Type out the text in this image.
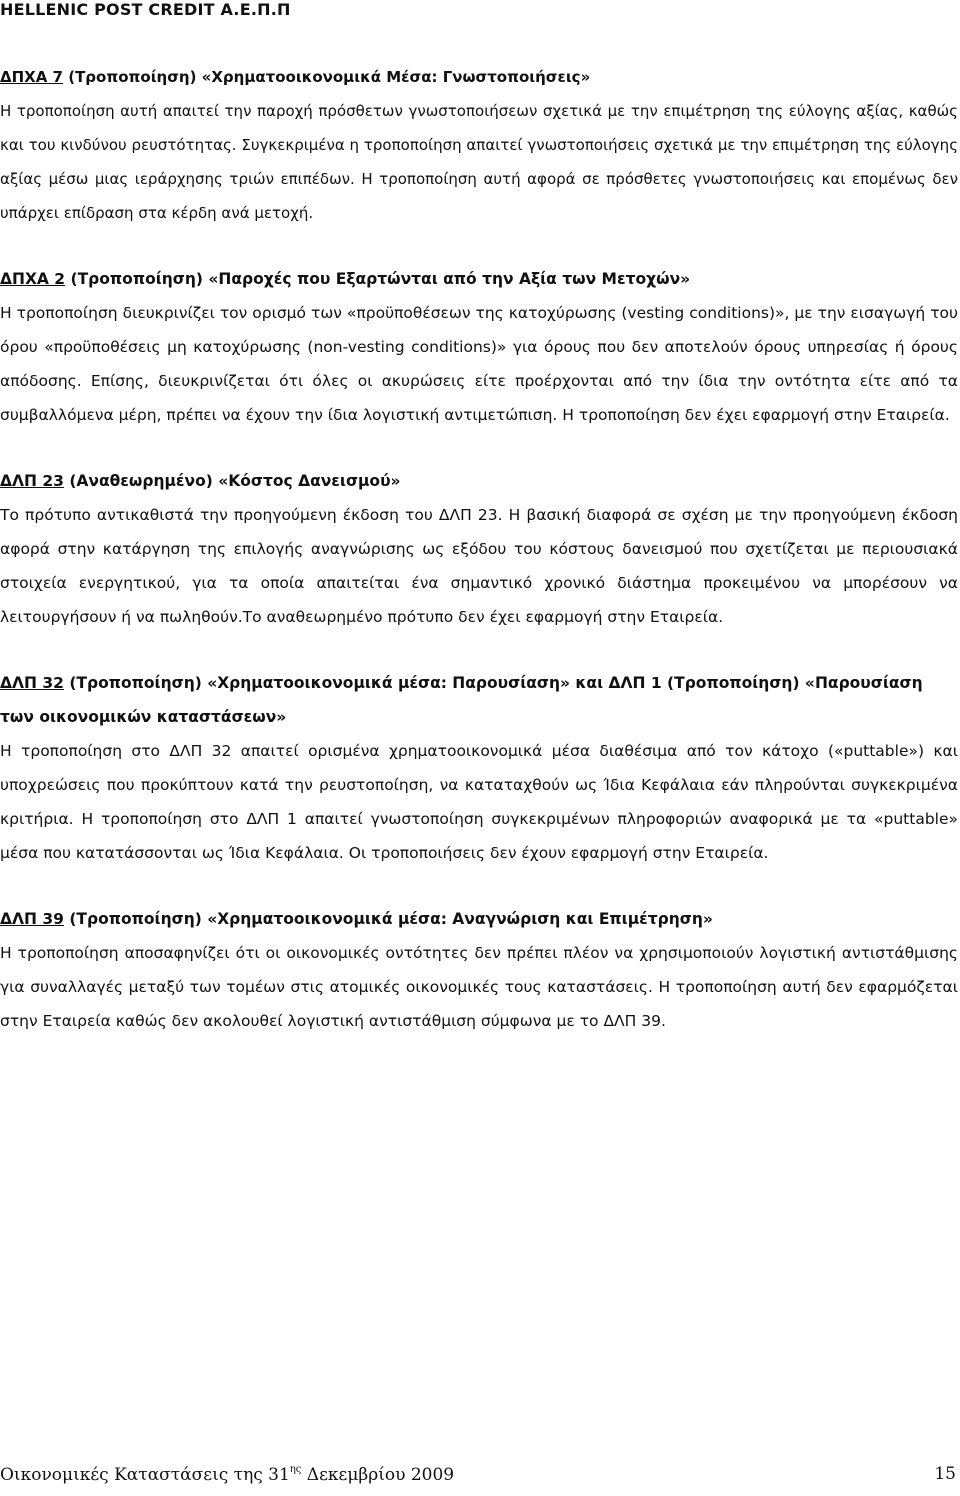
HELLENIC POST CREDIT A.E.Π.Π
ΔΠΧΑ 7 (Τροποποίηση) «Χρηματοοικονομικά Μέσα: Γνωστοποιήσεις»
Η τροποποίηση αυτή απαιτεί την παροχή πρόσθετων γνωστοποιήσεων σχετικά με την επιμέτρηση της εύλογης αξίας, καθώς και του κινδύνου ρευστότητας. Συγκεκριμένα η τροποποίηση απαιτεί γνωστοποιήσεις σχετικά με την επιμέτρηση της εύλογης αξίας μέσω μιας ιεράρχησης τριών επιπέδων. Η τροποποίηση αυτή αφορά σε πρόσθετες γνωστοποιήσεις και επομένως δεν υπάρχει επίδραση στα κέρδη ανά μετοχή.
ΔΠΧΑ 2 (Τροποποίηση) «Παροχές που Εξαρτώνται από την Αξία των Μετοχών»
Η τροποποίηση διευκρινίζει τον ορισμό των «προϋποθέσεων της κατοχύρωσης (vesting conditions)», με την εισαγωγή του όρου «προϋποθέσεις μη κατοχύρωσης (non-vesting conditions)» για όρους που δεν αποτελούν όρους υπηρεσίας ή όρους απόδοσης. Επίσης, διευκρινίζεται ότι όλες οι ακυρώσεις είτε προέρχονται από την ίδια την οντότητα είτε από τα συμβαλλόμενα μέρη, πρέπει να έχουν την ίδια λογιστική αντιμετώπιση. Η τροποποίηση δεν έχει εφαρμογή στην Εταιρεία.
ΔΛΠ 23 (Αναθεωρημένο) «Κόστος Δανεισμού»
Το πρότυπο αντικαθιστά την προηγούμενη έκδοση του ΔΛΠ 23. Η βασική διαφορά σε σχέση με την προηγούμενη έκδοση αφορά στην κατάργηση της επιλογής αναγνώρισης ως εξόδου του κόστους δανεισμού που σχετίζεται με περιουσιακά στοιχεία ενεργητικού, για τα οποία απαιτείται ένα σημαντικό χρονικό διάστημα προκειμένου να μπορέσουν να λειτουργήσουν ή να πωληθούν.Το αναθεωρημένο πρότυπο δεν έχει εφαρμογή στην Εταιρεία.
ΔΛΠ 32 (Τροποποίηση) «Χρηματοοικονομικά μέσα: Παρουσίαση» και ΔΛΠ 1 (Τροποποίηση) «Παρουσίαση των οικονομικών καταστάσεων»
Η τροποποίηση στο ΔΛΠ 32 απαιτεί ορισμένα χρηματοοικονομικά μέσα διαθέσιμα από τον κάτοχο («puttable») και υποχρεώσεις που προκύπτουν κατά την ρευστοποίηση, να καταταχθούν ως Ίδια Κεφάλαια εάν πληρούνται συγκεκριμένα κριτήρια. Η τροποποίηση στο ΔΛΠ 1 απαιτεί γνωστοποίηση συγκεκριμένων πληροφοριών αναφορικά με τα «puttable» μέσα που κατατάσσονται ως Ίδια Κεφάλαια. Οι τροποποιήσεις δεν έχουν εφαρμογή στην Εταιρεία.
ΔΛΠ 39 (Τροποποίηση) «Χρηματοοικονομικά μέσα: Αναγνώριση και Επιμέτρηση»
Η τροποποίηση αποσαφηνίζει ότι οι οικονομικές οντότητες δεν πρέπει πλέον να χρησιμοποιούν λογιστική αντιστάθμισης για συναλλαγές μεταξύ των τομέων στις ατομικές οικονομικές τους καταστάσεις. Η τροποποίηση αυτή δεν εφαρμόζεται στην Εταιρεία καθώς δεν ακολουθεί λογιστική αντιστάθμιση σύμφωνα με το ΔΛΠ 39.
Οικονομικές Καταστάσεις της $31^{\eta\varsigma}$ Δεκεμβρίου 2009	15
